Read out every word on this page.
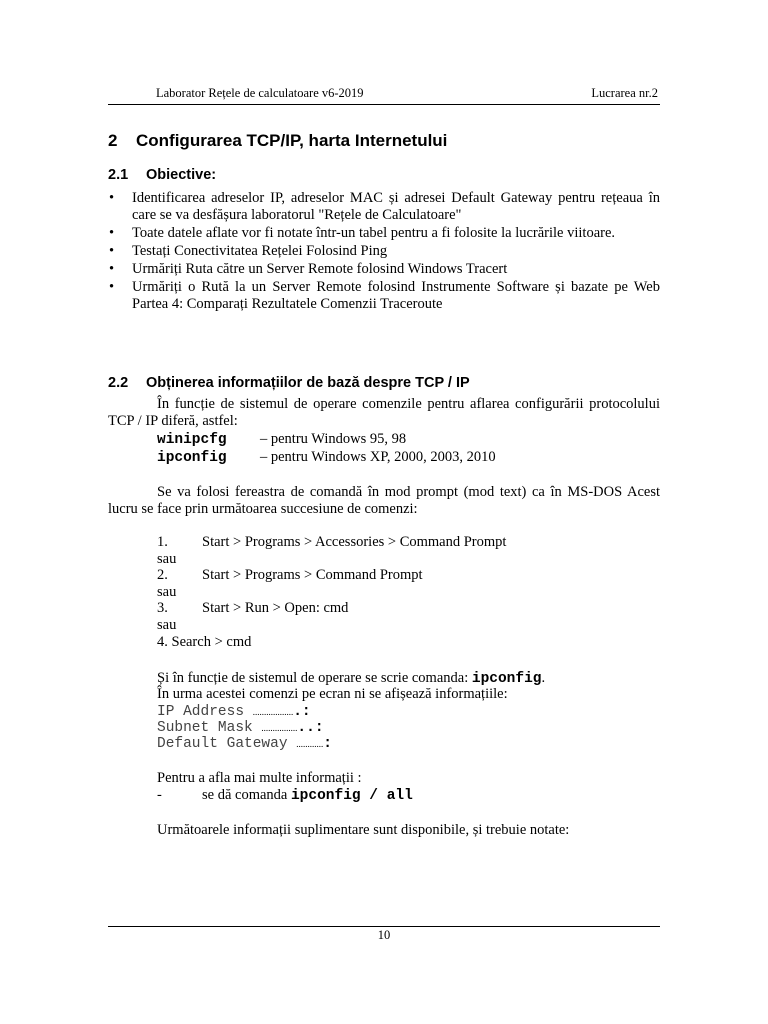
Laborator Rețele de calculatoare v6-2019	Lucrarea nr.2
2 Configurarea TCP/IP, harta Internetului
2.1 Obiective:
• Identificarea adreselor IP, adreselor MAC și adresei Default Gateway pentru rețeaua în care se va desfășura laboratorul "Rețele de Calculatoare"
• Toate datele aflate vor fi notate într-un tabel pentru a fi folosite la lucrările viitoare.
• Testați Conectivitatea Rețelei Folosind Ping
• Urmăriți Ruta către un Server Remote folosind Windows Tracert
• Urmăriți o Rută la un Server Remote folosind Instrumente Software și bazate pe Web Partea 4: Comparați Rezultatele Comenzii Traceroute
2.2 Obținerea informațiilor de bază despre TCP / IP
În funcție de sistemul de operare comenzile pentru aflarea configurării protocolului TCP / IP diferă, astfel:
winipcfg – pentru Windows 95, 98
ipconfig – pentru Windows XP, 2000, 2003, 2010
Se va folosi fereastra de comandă în mod prompt (mod text) ca în MS-DOS Acest lucru se face prin următoarea succesiune de comenzi:
1. Start > Programs > Accessories > Command Prompt
sau
2. Start > Programs > Command Prompt
sau
3. Start > Run > Open: cmd
sau
4. Search > cmd
Și în funcție de sistemul de operare se scrie comanda: ipconfig.
În urma acestei comenzi pe ecran ni se afișează informațiile:
IP Address ...................:
Subnet Mask ..................:
Default Gateway ............:
Pentru a afla mai multe informații :
-	se dă comanda ipconfig / all
Următoarele informații suplimentare sunt disponibile, și trebuie notate:
10
